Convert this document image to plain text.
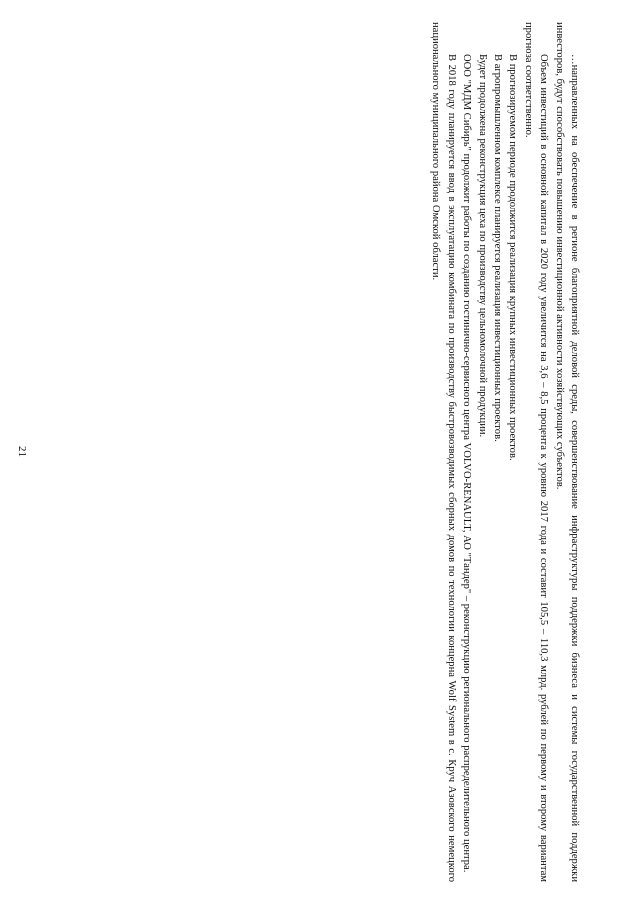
21	…направленных на обеспечение в регионе благоприятной деловой среды, совершенствование инфраструктуры поддержки бизнеса и системы государственной поддержки инвесторов, будут способствовать повышению инвестиционной активности хозяйствующих субъектов.

Объем инвестиций в основной капитал в 2020 году увеличится на 3,6 – 8,5 процента к уровню 2017 года и составит 105,5 – 110,3 млрд. рублей по первому и второму вариантам прогноза соответственно.

В прогнозируемом периоде продолжится реализация крупных инвестиционных проектов.

В агропромышленном комплексе планируется реализация инвестиционных проектов.

Будет продолжена реконструкция цеха по производству цельномолочной продукции.

ООО "МДМ Сибирь" продолжит работы по созданию гостинично-сервисного центра VOLVO-RENAULT, АО "Тандер" – реконструкцию регионального распределительного центра.

В 2018 году планируется ввод в эксплуатацию комбината по производству быстровозводимых сборных домов по технологии концерна Wolf System в с. Круч Азовского немецкого национального муниципального района Омской области.
